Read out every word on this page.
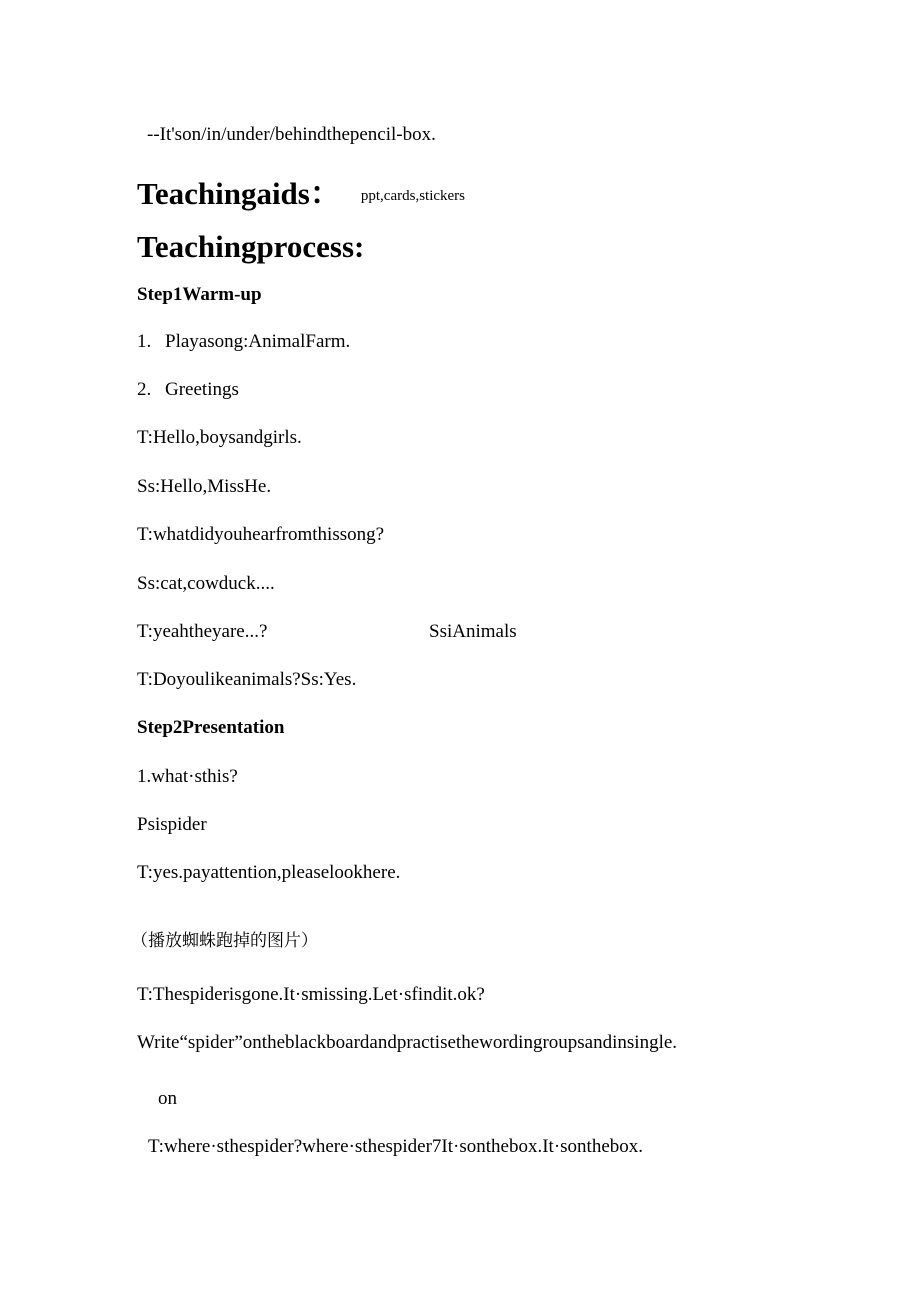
--It'son/in/under/behindthepencil-box.
Teachingaids： ppt,cards,stickers
Teachingprocess:
Step1Warm-up
1. Playasong:AnimalFarm.
2. Greetings
T:Hello,boysandgirls.
Ss:Hello,MissHe.
T:whatdidyouhearfromthissong?
Ss:cat,cowduck....
T:yeahtheyare...?	SsiAnimals
T:Doyoulikeanimals?Ss:Yes.
Step2Presentation
1.what·sthis?
Psispider
T:yes.payattention,pleaselookhere.
（播放蜘蛛跑掉的图片）
T:Thespiderisgone.It·smissing.Let·sfindit.ok?
Write“spider”ontheblackboardandpractisethewordingroupsandinsingle.
on
T:where·sthespider?where·sthespider7It·sonthebox.It·sonthebox.
